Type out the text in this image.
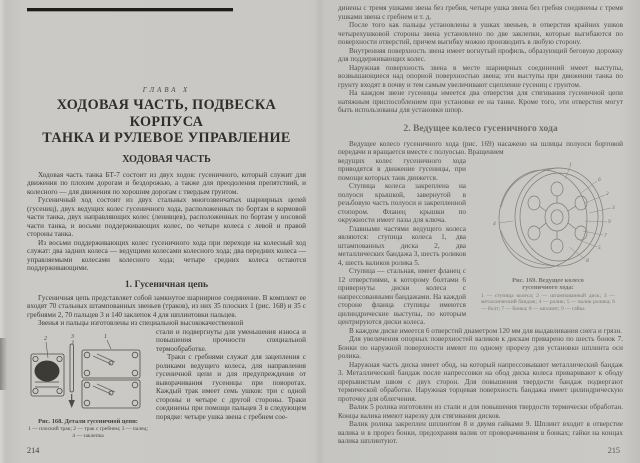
ГЛАВА X
ХОДОВАЯ ЧАСТЬ, ПОДВЕСКА КОРПУСА
ТАНКА И РУЛЕВОЕ УПРАВЛЕНИЕ
ХОДОВАЯ ЧАСТЬ

Ходовая часть танка БТ-7 состоит из двух ходов: гусеничного, который служит для движения по плохим дорогам и бездорожью, а также для преодоления препятствий, и колесного — для движения по хорошим дорогам с твердым грунтом.

Гусеничный ход состоит из двух стальных многозвенчатых шарнирных цепей (гусениц), двух ведущих колес гусеничного хода, расположенных по бортам в кормовой части танка, двух направляющих колес (ленивцев), расположенных по бортам у носовой части танка, и восьми поддерживающих колес, по четыре колеса с левой и правой стороны танка.

Из восьми поддерживающих колес гусеничного хода при переходе на колесный ход служат: два задних колеса — ведущими колесами колесного хода; два передних колеса — управляемыми колесами колесного хода; четыре средних колеса остаются поддерживающими.

1. Гусеничная цепь

Гусеничная цепь представляет собой замкнутое шарнирное соединение. В комплект ее входят 70 стальных штампованных звеньев (траков), из них 35 плоских 1 (рис. 168) и 35 с гребнями 2, 70 пальцев 3 и 140 заклепок 4 для шплинтовки пальцев.

Звенья и пальцы изготовлены из специальной высококачественной

2	3	1
Рис. 168. Детали гусеничной цепи:
1 — плоский трак; 2 — трак с гребнем; 3 — палец; 4 — заклепка

стали и подвергнуты для уменьшения износа и повышения прочности специальной термообработке.

Траки с гребнями служат для зацепления с роликами ведущего колеса, для направления гусеничной цепи и для предупреждения от выворачивания гусеницы при поворотах. Каждый трак имеет семь ушков: три с одной стороны и четыре с другой стороны. Траки соединены при помощи пальцев 3 в следующем порядке: четыре ушка звена с гребнем сое-

214

динены с тремя ушками звена без гребня, четыре ушка звена без гребня соединены с тремя ушками звена с гребнем и т. д.

После того как пальцы установлены в ушках звеньев, в отверстия крайних ушков четырехушковой стороны звена установлено по две заклепки, которые выгибаются по поверхности отверстий, причем выгибку можно производить в любую сторону.

Внутренняя поверхность звена имеет вогнутый профиль, образующий беговую дорожку для поддерживающих колес.

Наружная поверхность звена в месте шарнирных соединений имеет выступы, возвышающиеся над опорной поверхностью звена; эти выступы при движении танка по грунту входят в почву и тем самым увеличивают сцепление гусениц с грунтом.

На каждом звене гусеницы имеется два отверстия для стягивания гусеничной цепи натяжным приспособлением при установке ее на танке. Кроме того, эти отверстия могут быть использованы для установки шпор.

2. Ведущее колесо гусеничного хода

Ведущее колесо гусеничного хода (рис. 169) насажено на шлицы полуоси бортовой передачи и вращается вместе с полуосью. Вращением

1
6
2
3
9
7
5
8
4
Рис. 169. Ведущее колесо
гусеничного хода:
1 — ступица колеса; 2 — штампованный диск; 3 — металлический бандаж; 4 — ролик; 5 — валик ролика; 6 — болт; 7 — бонка; 8 — шплинт; 9 — гайка

ведущих колес гусеничного хода приводятся в движение гусеницы, при помощи которых танк движется.

Ступица колеса закреплена на полуоси крышкой, завернутой в резьбовую часть полуоси и закрепленной стопором. Фланец крышки по окружности имеет пазы для ключа.

Главными частями ведущего колеса являются: ступица колеса 1, два штампованных диска 2, два металлических бандажа 3, шесть роликов 4, шесть валиков ролика 5.

Ступица — стальная, имеет фланец с 12 отверстиями, к которому болтами 6 привернуты диски колеса с напрессованными бандажами. На каждой стороне фланца ступицы имеются цилиндрические выступы, по которым центрируются диски колеса.

В каждом диске имеется 6 отверстий диаметром 120 мм для выдавливания снега и грязи.

Для увеличения опорных поверхностей валиков к дискам приварено по шесть бонок 7. Бонки по наружной поверхности имеют по одному прорезу для установки шплинта оси ролика.

Наружная часть диска имеет обод, на который напрессовывают металлический бандаж 3. Металлический бандаж после напрессовки на обод диска колеса приваривают к ободу прерывистым швом с двух сторон. Для повышения твердости бандаж подвергают термической обработке. Наружная торцевая поверхность бандажа имеет цилиндрическую проточку для облегчения.

Валик 5 ролика изготовлен из стали и для повышения твердости термически обработан. Концы валика имеют нарезку для стягивания дисков.

Валик ролика закреплен шплинтом 8 и двумя гайками 9. Шплинт входит в отверстие валика и в прорез бонки, предохраняя валик от проворачивания в бонках; гайки на концах валика шплинтуют.

215
